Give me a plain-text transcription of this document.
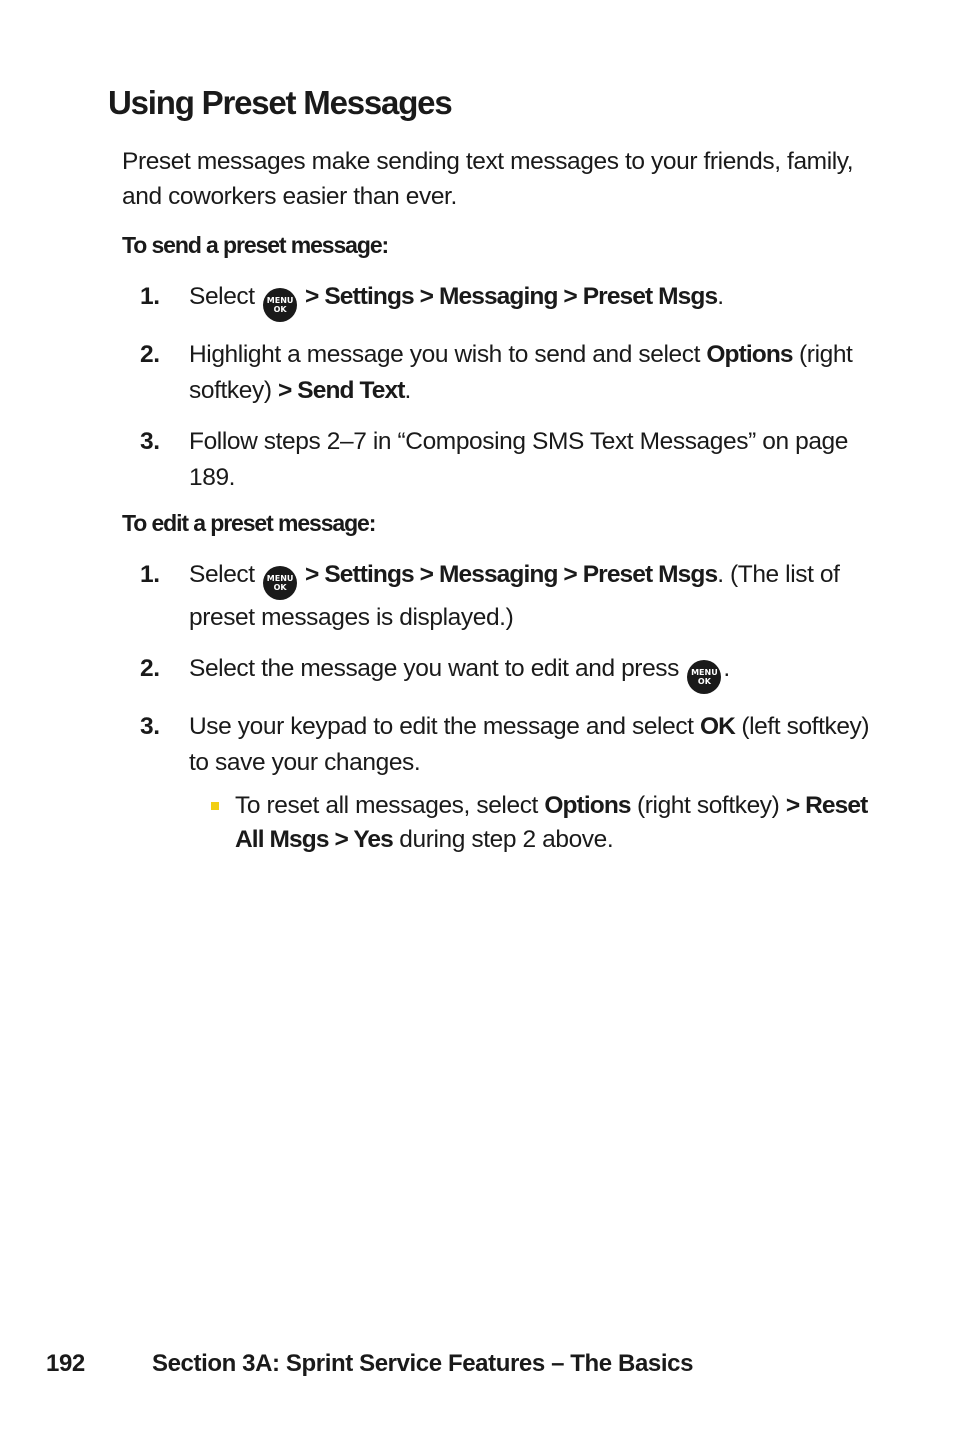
Using Preset Messages

Preset messages make sending text messages to your friends, family, and coworkers easier than ever.

To send a preset message:
1. Select MENU
OK > Settings > Messaging > Preset Msgs.
2. Highlight a message you wish to send and select Options (right softkey) > Send Text.
3. Follow steps 2–7 in “Composing SMS Text Messages” on page 189.
To edit a preset message:
1. Select MENU
OK > Settings > Messaging > Preset Msgs. (The list of preset messages is displayed.)
2. Select the message you want to edit and press MENU
OK .
3. Use your keypad to edit the message and select OK (left softkey) to save your changes.
To reset all messages, select Options (right softkey) > Reset All Msgs > Yes during step 2 above.
192	Section 3A: Sprint Service Features – The Basics
